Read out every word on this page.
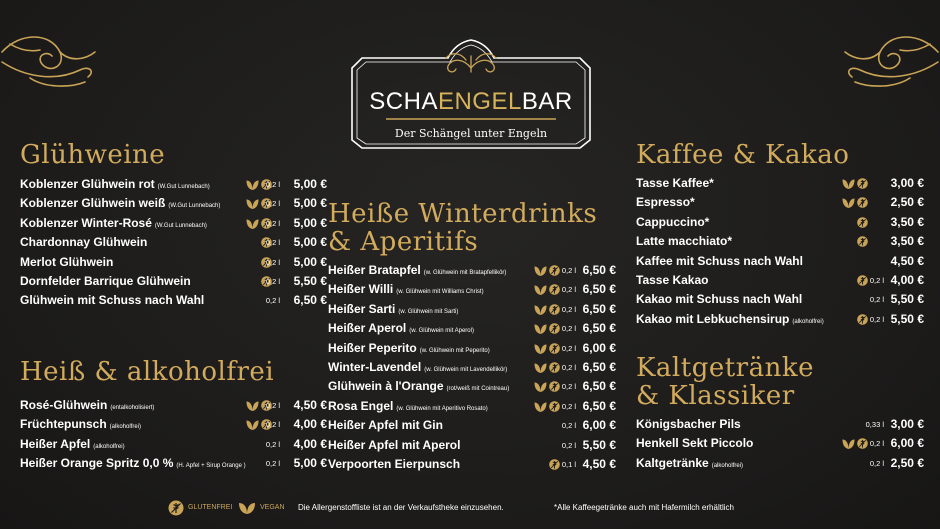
SCHAENGELBAR
Der Schängel unter Engeln
Glühweine
Koblenzer Glühwein rot (W.Gut Lunnebach)	0,2 l	5,00 €
Koblenzer Glühwein weiß (W.Gut Lunnebach)	0,2 l	5,00 €
Koblenzer Winter-Rosé (W.Gut Lunnebach)	0,2 l	5,00 €
Chardonnay Glühwein	0,2 l	5,00 €
Merlot Glühwein	0,2 l	5,00 €
Dornfelder Barrique Glühwein	0,2 l	5,50 €
Glühwein mit Schuss nach Wahl	0,2 l	6,50 €
Heiß & alkoholfrei
Rosé-Glühwein (entalkoholisiert)	0,2 l	4,50 €
Früchtepunsch (alkoholfrei)	0,2 l	4,00 €
Heißer Apfel (alkoholfrei)	0,2 l	4,00 €
Heißer Orange Spritz 0,0 % (H. Apfel + Sirup Orange )	0,2 l	5,00 €
Heiße Winterdrinks
& Aperitifs
Heißer Bratapfel (w. Glühwein mit Bratapfellikör)	0,2 l 6,50 €
Heißer Willi (w. Glühwein mit Williams Christ)	0,2 l 6,50 €
Heißer Sarti (w. Glühwein mit Sarti)	0,2 l 6,50 €
Heißer Aperol (w. Glühwein mit Aperol)	0,2 l 6,50 €
Heißer Peperito (w. Glühwein mit Peperito)	0,2 l 6,00 €
Winter-Lavendel (w. Glühwein mit Lavendellikör)	0,2 l 6,50 €
Glühwein à l'Orange (rot/weiß mit Cointreau)	0,2 l 6,50 €
Rosa Engel (w. Glühwein mit Aperitivo Rosato)	0,2 l 6,50 €
Heißer Apfel mit Gin	0,2 l 6,00 €
Heißer Apfel mit Aperol	0,2 l 5,50 €
Verpoorten Eierpunsch	0,1 l 4,50 €
Kaffee & Kakao
Tasse Kaffee*	3,00 €
Espresso*	2,50 €
Cappuccino*	3,50 €
Latte macchiato*	3,50 €
Kaffee mit Schuss nach Wahl	4,50 €
Tasse Kakao	0,2 l 4,00 €
Kakao mit Schuss nach Wahl	0,2 l 5,50 €
Kakao mit Lebkuchensirup (alkoholfrei)	0,2 l 5,50 €
Kaltgetränke
& Klassiker
Königsbacher Pils	0,33 l 3,00 €
Henkell Sekt Piccolo	0,2 l 6,00 €
Kaltgetränke (alkoholfrei)	0,2 l 2,50 €
GLUTENFREI	VEGAN Die Allergenstoffliste ist an der Verkaufstheke einzusehen.	*Alle Kaffeegetränke auch mit Hafermilch erhältlich
